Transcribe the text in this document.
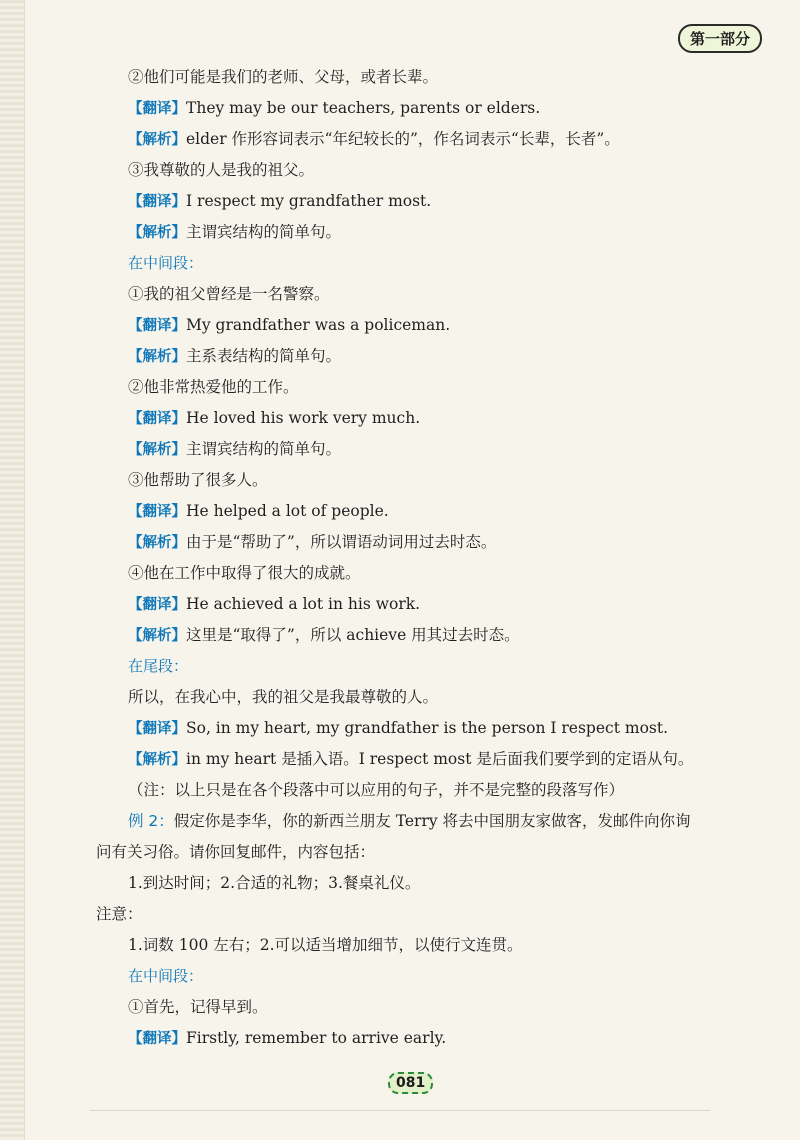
第一部分
②他们可能是我们的老师、父母，或者长辈。
【翻译】They may be our teachers, parents or elders.
【解析】elder 作形容词表示“年纪较长的”，作名词表示“长辈，长者”。
③我尊敬的人是我的祖父。
【翻译】I respect my grandfather most.
【解析】主谓宾结构的简单句。
在中间段：
①我的祖父曾经是一名警察。
【翻译】My grandfather was a policeman.
【解析】主系表结构的简单句。
②他非常热爱他的工作。
【翻译】He loved his work very much.
【解析】主谓宾结构的简单句。
③他帮助了很多人。
【翻译】He helped a lot of people.
【解析】由于是“帮助了”，所以谓语动词用过去时态。
④他在工作中取得了很大的成就。
【翻译】He achieved a lot in his work.
【解析】这里是“取得了”，所以 achieve 用其过去时态。
在尾段：
所以，在我心中，我的祖父是我最尊敬的人。
【翻译】So, in my heart, my grandfather is the person I respect most.
【解析】in my heart 是插入语。I respect most 是后面我们要学到的定语从句。
（注：以上只是在各个段落中可以应用的句子，并不是完整的段落写作）
例 2：假定你是李华，你的新西兰朋友 Terry 将去中国朋友家做客，发邮件向你询
问有关习俗。请你回复邮件，内容包括：
1.到达时间；2.合适的礼物；3.餐桌礼仪。
注意：
1.词数 100 左右；2.可以适当增加细节，以使行文连贯。
在中间段：
①首先，记得早到。
【翻译】Firstly, remember to arrive early.
081
